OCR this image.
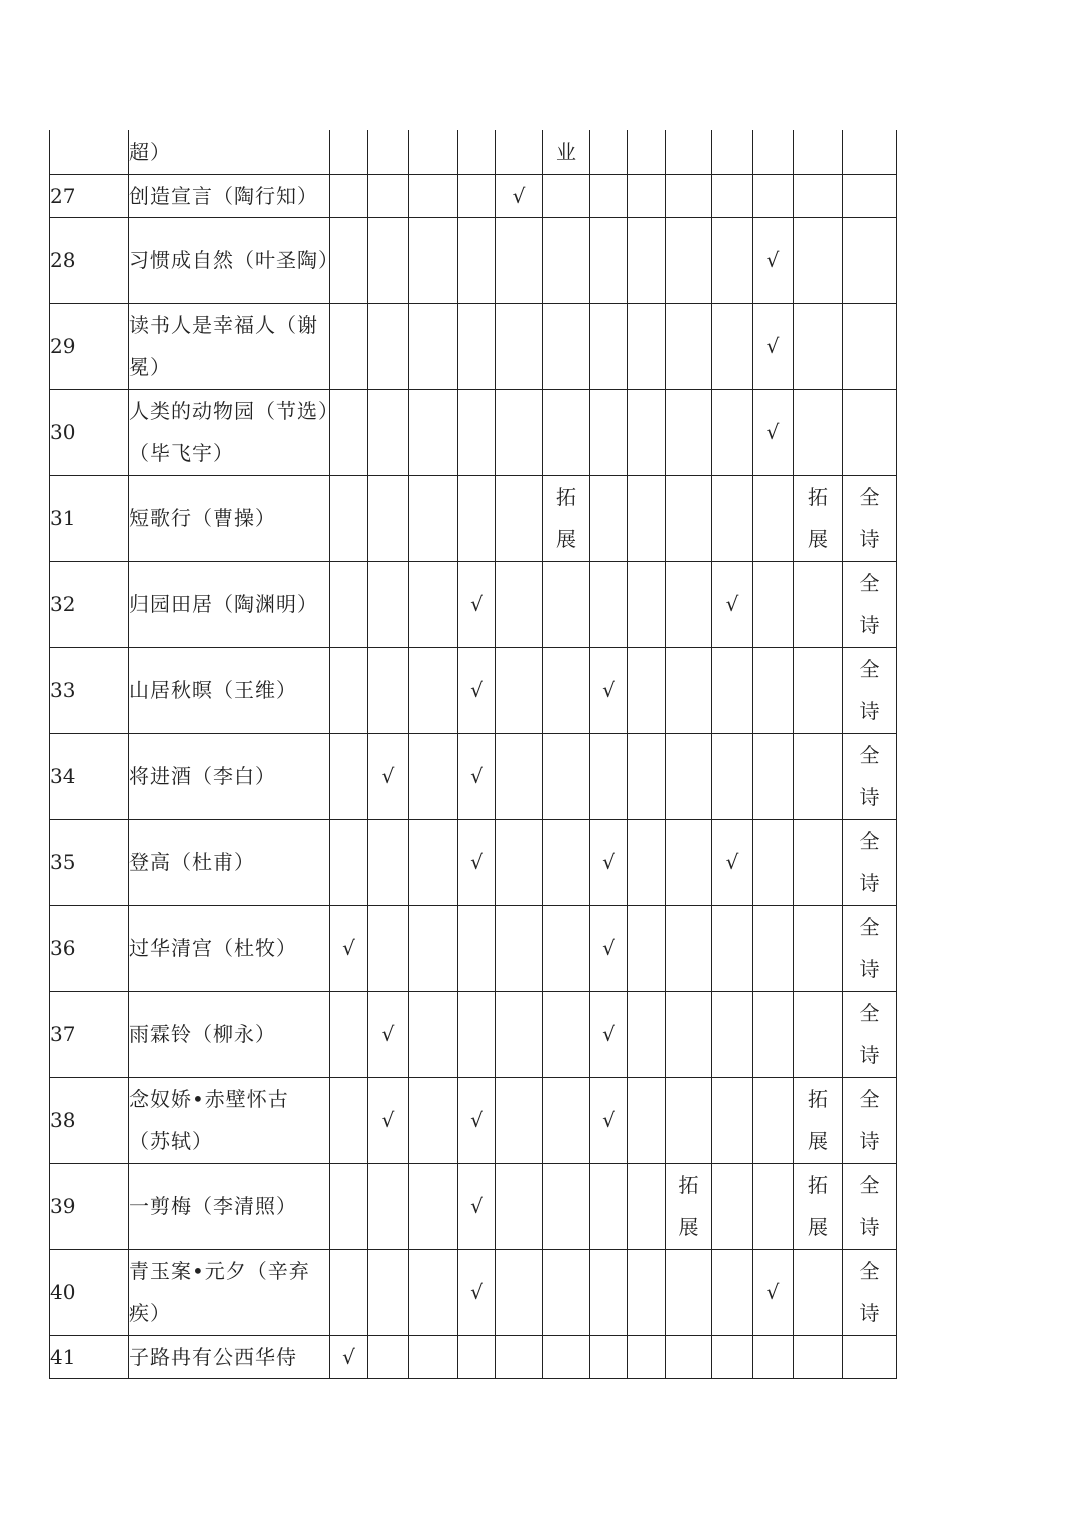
	超）						业							

27	创造宣言（陶行知）					√								

28	习惯成自然（叶圣陶）											√		

29	读书人是幸福人（谢冕）											√		

30	人类的动物园（节选）（毕飞宇）											√		

31	短歌行（曹操）						拓展						拓展	全诗

32	归园田居（陶渊明）				√						√			全诗

33	山居秋暝（王维）				√			√						全诗

34	将进酒（李白）		√		√									全诗

35	登高（杜甫）				√			√			√			全诗

36	过华清宫（杜牧）	√						√						全诗

37	雨霖铃（柳永）		√					√						全诗

38	念奴娇•赤壁怀古（苏轼）		√		√			√					拓展	全诗

39	一剪梅（李清照）				√					拓展			拓展	全诗

40	青玉案•元夕（辛弃疾）				√							√		全诗

41	子路冉有公西华侍	√												
